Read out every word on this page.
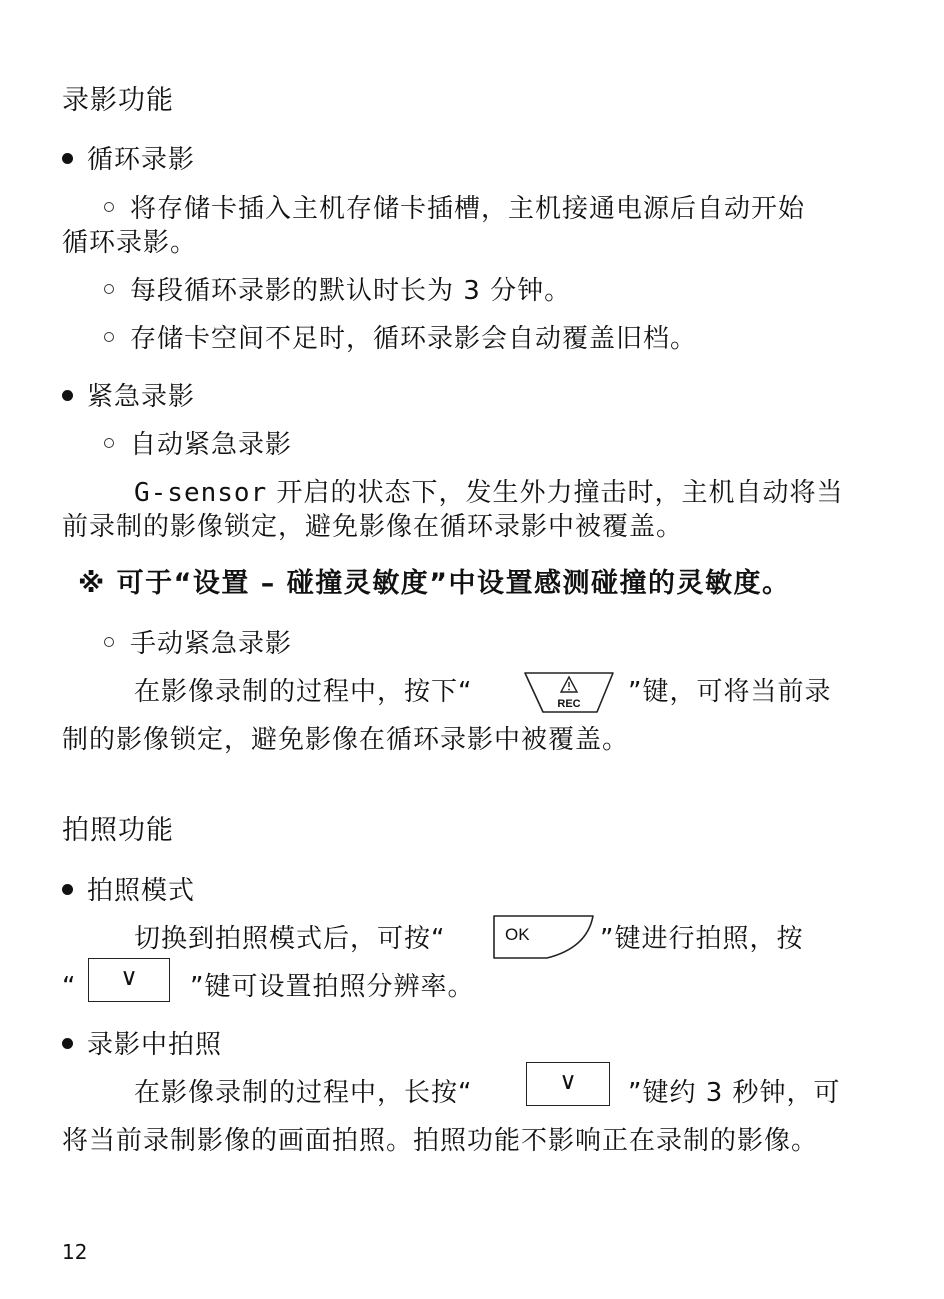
录影功能
循环录影
将存储卡插入主机存储卡插槽，主机接通电源后自动开始
循环录影。
每段循环录影的默认时长为 3 分钟。
存储卡空间不足时，循环录影会自动覆盖旧档。
紧急录影
自动紧急录影
G-sensor 开启的状态下，发生外力撞击时，主机自动将当
前录制的影像锁定，避免影像在循环录影中被覆盖。
※ 可于“设置 – 碰撞灵敏度”中设置感测碰撞的灵敏度。
手动紧急录影
在影像录制的过程中，按下“	REC ”键，可将当前录
制的影像锁定，避免影像在循环录影中被覆盖。
拍照功能
拍照模式
切换到拍照模式后，可按“	OK	”键进行拍照，按
“	∨	”键可设置拍照分辨率。
录影中拍照
在影像录制的过程中，长按“	∨	”键约 3 秒钟，可
将当前录制影像的画面拍照。拍照功能不影响正在录制的影像。
12
